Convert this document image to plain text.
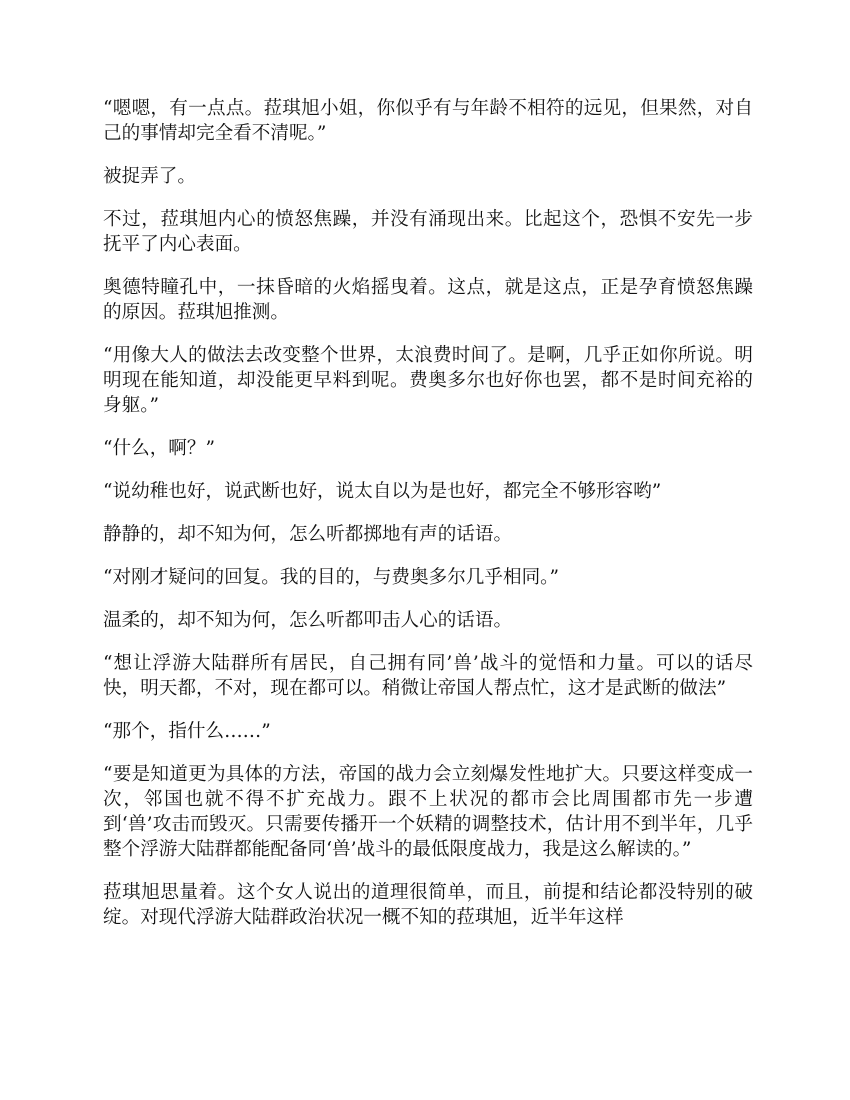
“嗯嗯，有一点点。菈琪旭小姐，你似乎有与年龄不相符的远见，但果然，对自己的事情却完全看不清呢。”

被捉弄了。

不过，菈琪旭内心的愤怒焦躁，并没有涌现出来。比起这个，恐惧不安先一步抚平了内心表面。

奥德特瞳孔中，一抹昏暗的火焰摇曳着。这点，就是这点，正是孕育愤怒焦躁的原因。菈琪旭推测。

“用像大人的做法去改变整个世界，太浪费时间了。是啊，几乎正如你所说。明明现在能知道，却没能更早料到呢。费奥多尔也好你也罢，都不是时间充裕的身躯。”

“什么，啊？”

“说幼稚也好，说武断也好，说太自以为是也好，都完全不够形容哟”

静静的，却不知为何，怎么听都掷地有声的话语。

“对刚才疑问的回复。我的目的，与费奥多尔几乎相同。”

温柔的，却不知为何，怎么听都叩击人心的话语。

“想让浮游大陆群所有居民，自己拥有同’兽’战斗的觉悟和力量。可以的话尽快，明天都，不对，现在都可以。稍微让帝国人帮点忙，这才是武断的做法”

“那个，指什么……”

“要是知道更为具体的方法，帝国的战力会立刻爆发性地扩大。只要这样变成一次，邻国也就不得不扩充战力。跟不上状况的都市会比周围都市先一步遭到‘兽’攻击而毁灭。只需要传播开一个妖精的调整技术，估计用不到半年，几乎整个浮游大陆群都能配备同‘兽’战斗的最低限度战力，我是这么解读的。”

菈琪旭思量着。这个女人说出的道理很简单，而且，前提和结论都没特别的破绽。对现代浮游大陆群政治状况一概不知的菈琪旭，近半年这样
